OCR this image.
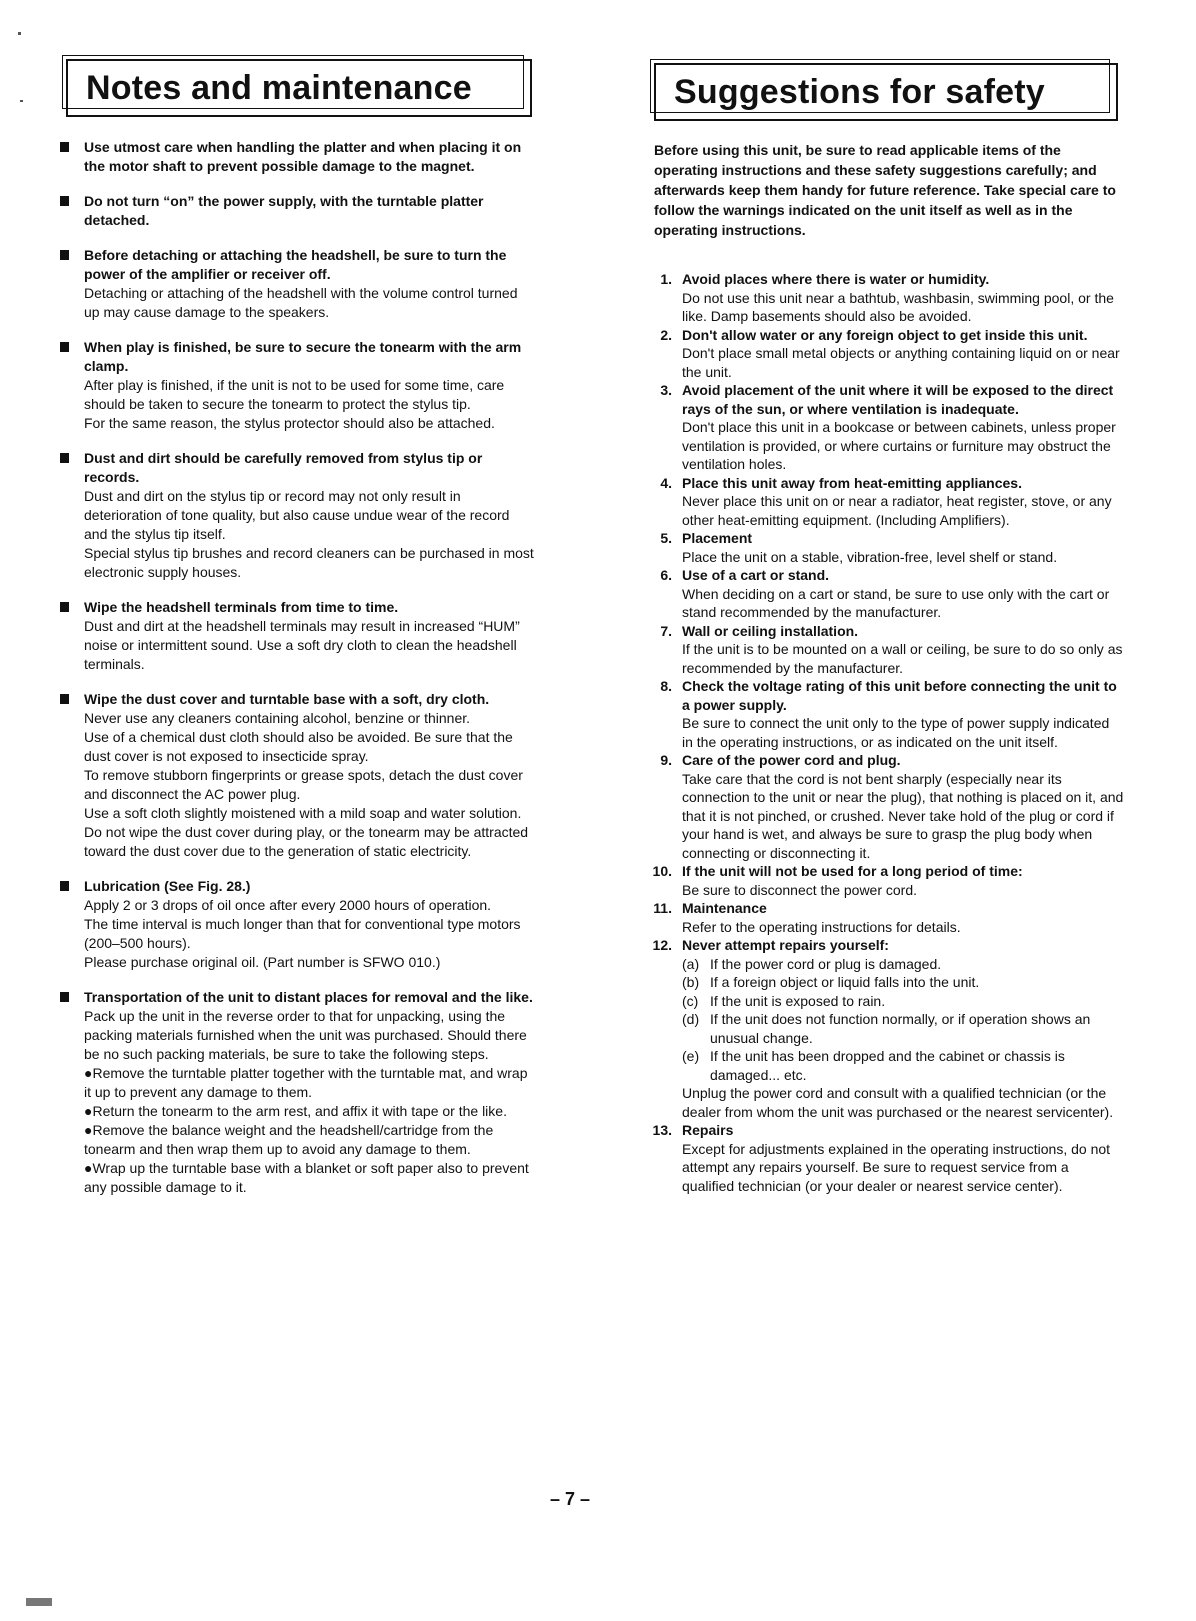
Notes and maintenance
Use utmost care when handling the platter and when placing it on the motor shaft to prevent possible damage to the magnet.
Do not turn “on” the power supply, with the turntable platter detached.
Before detaching or attaching the headshell, be sure to turn the power of the amplifier or receiver off.
Detaching or attaching of the headshell with the volume control turned up may cause damage to the speakers.
When play is finished, be sure to secure the tonearm with the arm clamp.
After play is finished, if the unit is not to be used for some time, care should be taken to secure the tonearm to protect the stylus tip.
For the same reason, the stylus protector should also be attached.
Dust and dirt should be carefully removed from stylus tip or records.
Dust and dirt on the stylus tip or record may not only result in deterioration of tone quality, but also cause undue wear of the record and the stylus tip itself.
Special stylus tip brushes and record cleaners can be purchased in most electronic supply houses.
Wipe the headshell terminals from time to time.
Dust and dirt at the headshell terminals may result in increased “HUM” noise or intermittent sound. Use a soft dry cloth to clean the headshell terminals.
Wipe the dust cover and turntable base with a soft, dry cloth.
Never use any cleaners containing alcohol, benzine or thinner.
Use of a chemical dust cloth should also be avoided. Be sure that the dust cover is not exposed to insecticide spray.
To remove stubborn fingerprints or grease spots, detach the dust cover and disconnect the AC power plug.
Use a soft cloth slightly moistened with a mild soap and water solution.
Do not wipe the dust cover during play, or the tonearm may be attracted toward the dust cover due to the generation of static electricity.
Lubrication (See Fig. 28.)
Apply 2 or 3 drops of oil once after every 2000 hours of operation.
The time interval is much longer than that for conventional type motors (200–500 hours).
Please purchase original oil. (Part number is SFWO 010.)
Transportation of the unit to distant places for removal and the like.
Pack up the unit in the reverse order to that for unpacking, using the packing materials furnished when the unit was purchased. Should there be no such packing materials, be sure to take the following steps.
●Remove the turntable platter together with the turntable mat, and wrap it up to prevent any damage to them.
●Return the tonearm to the arm rest, and affix it with tape or the like.
●Remove the balance weight and the headshell/cartridge from the tonearm and then wrap them up to avoid any damage to them.
●Wrap up the turntable base with a blanket or soft paper also to prevent any possible damage to it.
Suggestions for safety

Before using this unit, be sure to read applicable items of the operating instructions and these safety suggestions carefully; and afterwards keep them handy for future reference. Take special care to follow the warnings indicated on the unit itself as well as in the operating instructions.

1. Avoid places where there is water or humidity.
Do not use this unit near a bathtub, washbasin, swimming pool, or the like. Damp basements should also be avoided.
2. Don't allow water or any foreign object to get inside this unit.
Don't place small metal objects or anything containing liquid on or near the unit.
3. Avoid placement of the unit where it will be exposed to the direct rays of the sun, or where ventilation is inadequate.
Don't place this unit in a bookcase or between cabinets, unless proper ventilation is provided, or where curtains or furniture may obstruct the ventilation holes.
4. Place this unit away from heat-emitting appliances.
Never place this unit on or near a radiator, heat register, stove, or any other heat-emitting equipment. (Including Amplifiers).
5. Placement
Place the unit on a stable, vibration-free, level shelf or stand.
6. Use of a cart or stand.
When deciding on a cart or stand, be sure to use only with the cart or stand recommended by the manufacturer.
7. Wall or ceiling installation.
If the unit is to be mounted on a wall or ceiling, be sure to do so only as recommended by the manufacturer.
8. Check the voltage rating of this unit before connecting the unit to a power supply.
Be sure to connect the unit only to the type of power supply indicated in the operating instructions, or as indicated on the unit itself.
9. Care of the power cord and plug.
Take care that the cord is not bent sharply (especially near its connection to the unit or near the plug), that nothing is placed on it, and that it is not pinched, or crushed. Never take hold of the plug or cord if your hand is wet, and always be sure to grasp the plug body when connecting or disconnecting it.
10. If the unit will not be used for a long period of time:
Be sure to disconnect the power cord.
11. Maintenance
Refer to the operating instructions for details.
12. Never attempt repairs yourself:
(a) If the power cord or plug is damaged.
(b) If a foreign object or liquid falls into the unit.
(c) If the unit is exposed to rain.
(d) If the unit does not function normally, or if operation shows an unusual change.
(e) If the unit has been dropped and the cabinet or chassis is damaged... etc.
Unplug the power cord and consult with a qualified technician (or the dealer from whom the unit was purchased or the nearest servicenter).
13. Repairs
Except for adjustments explained in the operating instructions, do not attempt any repairs yourself. Be sure to request service from a qualified technician (or your dealer or nearest service center).
– 7 –
